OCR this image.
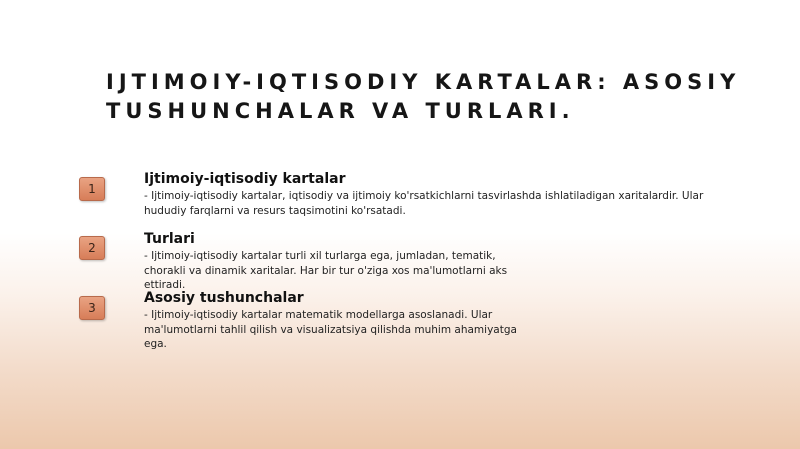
IJTIMOIY-IQTISODIY KARTALAR: ASOSIY TUSHUNCHALAR VA TURLARI.
1
Ijtimoiy-iqtisodiy kartalar
- Ijtimoiy-iqtisodiy kartalar, iqtisodiy va ijtimoiy ko'rsatkichlarni tasvirlashda ishlatiladigan xaritalardir. Ular hududiy farqlarni va resurs taqsimotini ko'rsatadi.
2
Turlari
- Ijtimoiy-iqtisodiy kartalar turli xil turlarga ega, jumladan, tematik, chorakli va dinamik xaritalar. Har bir tur o'ziga xos ma'lumotlarni aks ettiradi.
3
Asosiy tushunchalar
- Ijtimoiy-iqtisodiy kartalar matematik modellarga asoslanadi. Ular ma'lumotlarni tahlil qilish va visualizatsiya qilishda muhim ahamiyatga ega.
